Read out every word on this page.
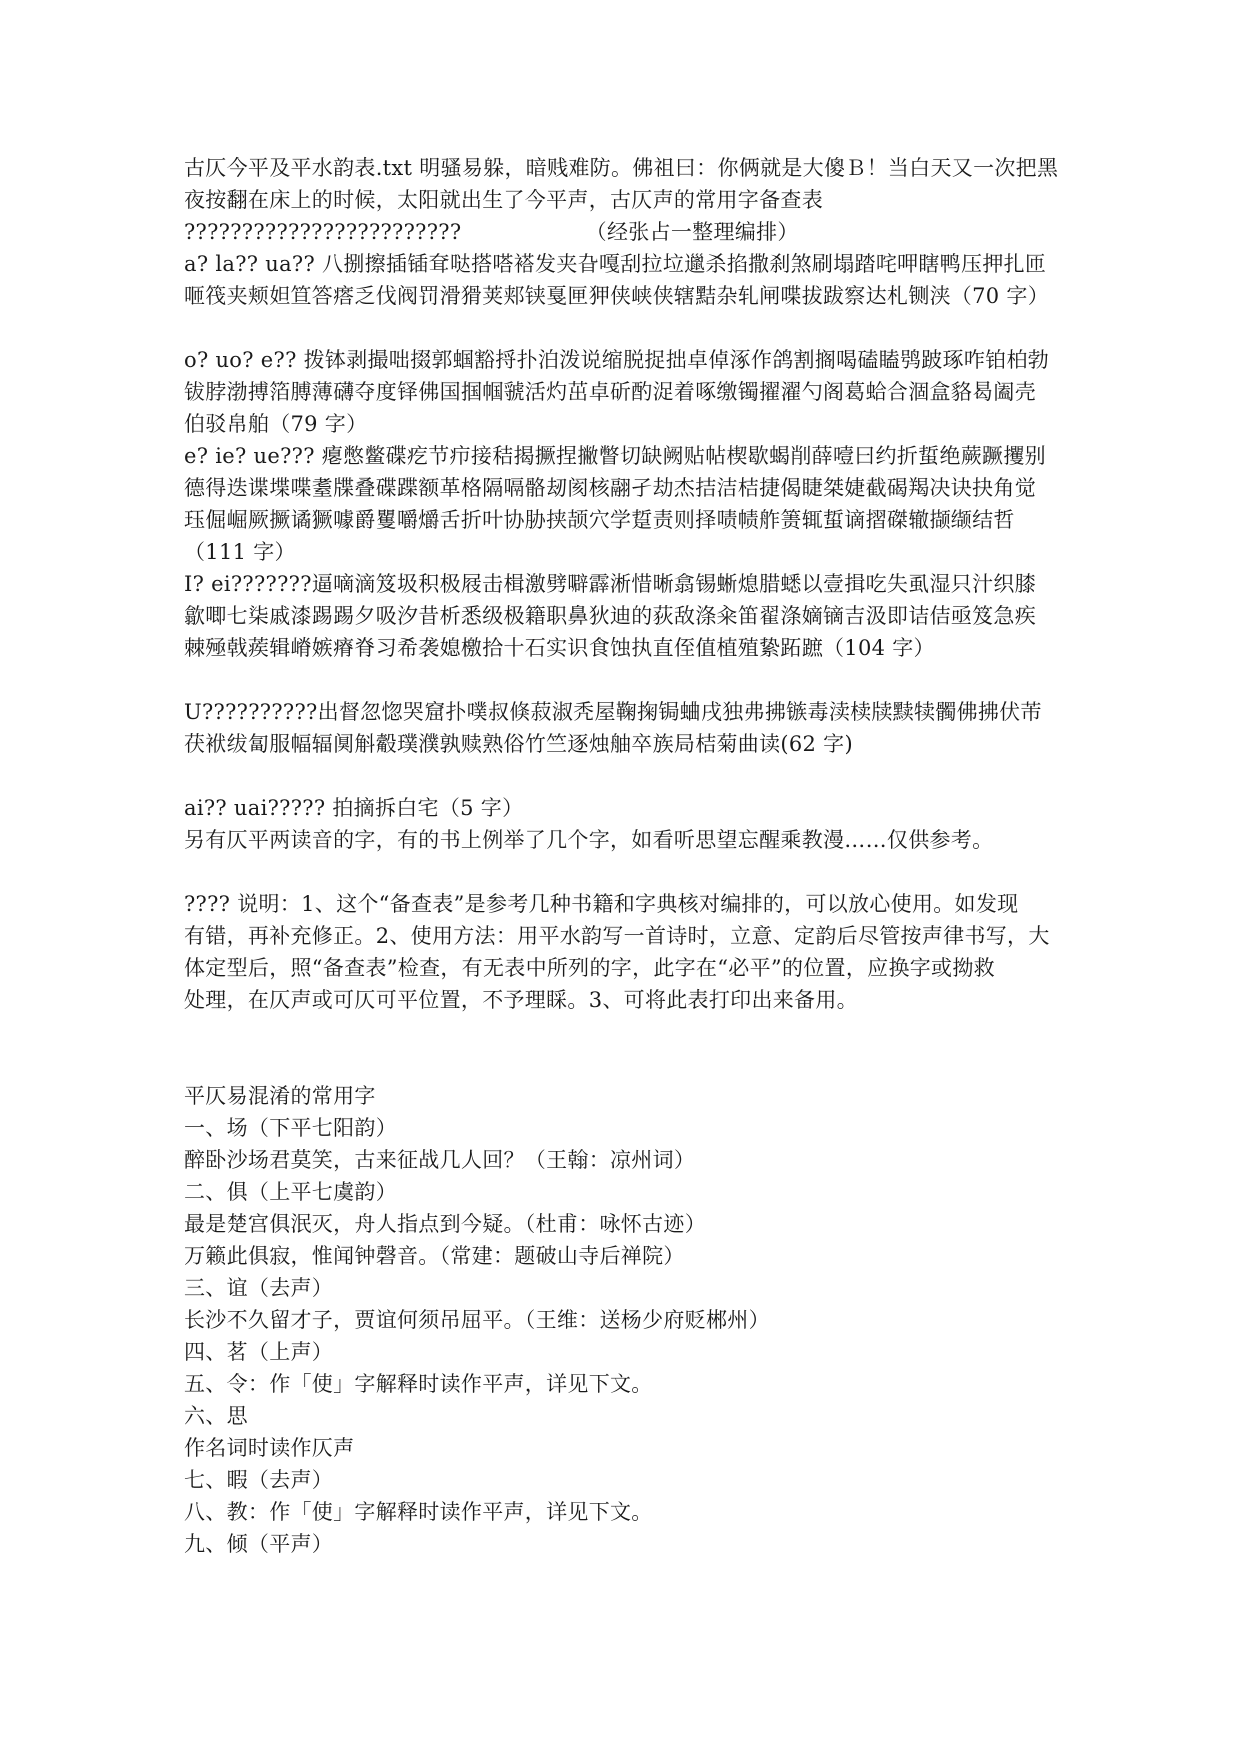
古仄今平及平水韵表.txt 明骚易躲，暗贱难防。佛祖曰：你俩就是大傻Ｂ！当白天又一次把黑

夜按翻在床上的时候，太阳就出生了今平声，古仄声的常用字备查表

???????????????????????? 　　　　　　（经张占一整理编排）

a? la?? ua?? 八捌擦插锸耷哒搭嗒褡发夹旮嘎刮拉垃邋杀掐撒刹煞刷塌踏咤呷瞎鸭压押扎匝

咂筏夹颊妲笪答瘩乏伐阀罚滑猾荚郏铗戛匣狎侠峡侠辖黠杂轧闸喋拔跋察达札铡浃（70 字）

o? uo? e?? 拨钵剥撮咄掇郭蝈豁捋扑泊泼说缩脱捉拙卓倬涿作鸽割搁喝磕瞌鸮跛琢咋铂柏勃

钹脖渤搏箔膊薄礴夺度铎佛国掴帼虢活灼茁卓斫酌浞着啄缴镯擢濯勺阁葛蛤合涸盒貉曷阖壳

伯驳帛舶（79 字）

e? ie? ue??? 瘪憋鳖碟疙节疖接秸揭撅捏撇瞥切缺阙贴帖楔歇蝎削薛噎曰约折蜇绝蕨蹶攫别

德得迭谍堞喋耋牒叠碟蹀额革格隔嗝骼刼阂核翮孑劫杰拮洁桔捷偈睫桀婕截碣羯决诀抉角觉

珏倔崛厥撅谲獗噱爵矍嚼爝舌折叶协胁挟颉穴学踅责则择啧帻舴箦辄蜇谪摺磔辙撷缬结哲

（111 字）

I? ei???????逼嘀滴笈圾积极屐击楫激劈噼霹淅惜晰翕锡蜥熄腊蟋以壹揖吃失虱湿只汁织膝

歙唧七柒戚漆踢踢夕吸汐昔析悉级极籍职鼻狄迪的荻敌涤籴笛翟涤嫡镝吉汲即诘佶亟笈急疾

棘殛戟蒺辑嵴嫉瘠脊习希袭媳檄拾十石实识食蚀执直侄值植殖絷跖蹠（104 字）

U??????????出督忽惚哭窟扑噗叔倏菽淑秃屋鞠掬锔蛐戌独弗拂镞毒渎椟牍黩犊髑佛拂伏芾

茯袱绂匐服幅辐阒斛觳璞濮孰赎熟俗竹竺逐烛舳卒族局桔菊曲读(62 字)

ai?? uai????? 拍摘拆白宅（5 字）

另有仄平两读音的字，有的书上例举了几个字，如看听思望忘醒乘教漫……仅供参考。

???? 说明：1、这个“备查表”是参考几种书籍和字典核对编排的，可以放心使用。如发现

有错，再补充修正。2、使用方法：用平水韵写一首诗时，立意、定韵后尽管按声律书写，大

体定型后，照“备查表”检查，有无表中所列的字，此字在“必平”的位置，应换字或拗救

处理，在仄声或可仄可平位置，不予理睬。3、可将此表打印出来备用。

平仄易混淆的常用字

一、场（下平七阳韵）

醉卧沙场君莫笑，古来征战几人回？（王翰：凉州词）

二、俱（上平七虞韵）

最是楚宫俱泯灭，舟人指点到今疑。（杜甫：咏怀古迹）

万籁此俱寂，惟闻钟磬音。（常建：题破山寺后禅院）

三、谊（去声）

长沙不久留才子，贾谊何须吊屈平。（王维：送杨少府贬郴州）

四、茗（上声）

五、令：作「使」字解释时读作平声，详见下文。

六、思

作名词时读作仄声

七、暇（去声）

八、教：作「使」字解释时读作平声，详见下文。

九、倾（平声）
